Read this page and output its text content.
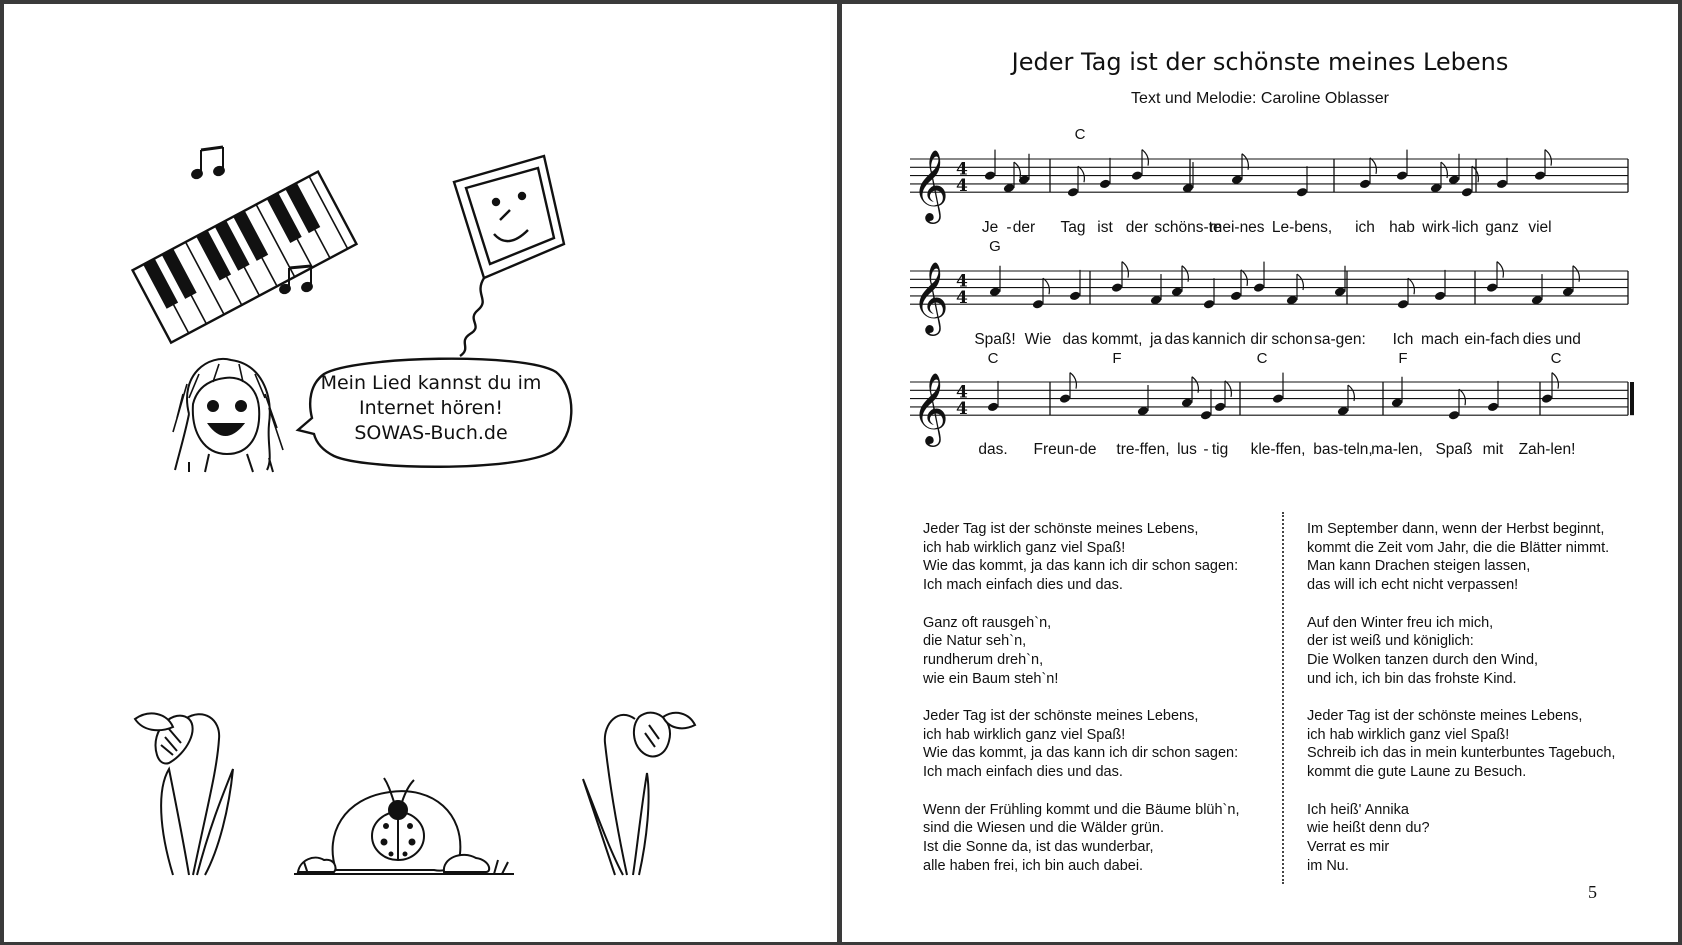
Mein Lied kannst du im
Internet hören!
SOWAS-Buch.de
Jeder Tag ist der schönste meines Lebens
Text und Melodie: Caroline Oblasser
𝄞 4
4
𝄞 4
4
𝄞 4
4
C
G
C	F	C	F	C
Je - der Tag ist der schöns-te
mei-nes Le-bens, ich hab wirk -
lich ganz viel
Spaß! Wie das kommt, ja das kann ich dir schon sa-gen: Ich mach ein-fach dies und
das. Freun-de tre-ffen, lus - tig kle-ffen, bas-teln,
ma-len, Spaß mit Zah-len!
Jeder Tag ist der schönste meines Lebens,
ich hab wirklich ganz viel Spaß!
Wie das kommt, ja das kann ich dir schon sagen:
Ich mach einfach dies und das.
Ganz oft rausgeh`n,
die Natur seh`n,
rundherum dreh`n,
wie ein Baum steh`n!
Jeder Tag ist der schönste meines Lebens,
ich hab wirklich ganz viel Spaß!
Wie das kommt, ja das kann ich dir schon sagen:
Ich mach einfach dies und das.
Wenn der Frühling kommt und die Bäume blüh`n,
sind die Wiesen und die Wälder grün.
Ist die Sonne da, ist das wunderbar,
alle haben frei, ich bin auch dabei.
Im September dann, wenn der Herbst beginnt,
kommt die Zeit vom Jahr, die die Blätter nimmt.
Man kann Drachen steigen lassen,
das will ich echt nicht verpassen!
Auf den Winter freu ich mich,
der ist weiß und königlich:
Die Wolken tanzen durch den Wind,
und ich, ich bin das frohste Kind.
Jeder Tag ist der schönste meines Lebens,
ich hab wirklich ganz viel Spaß!
Schreib ich das in mein kunterbuntes Tagebuch,
kommt die gute Laune zu Besuch.
Ich heiß' Annika
wie heißt denn du?
Verrat es mir
im Nu.
5
